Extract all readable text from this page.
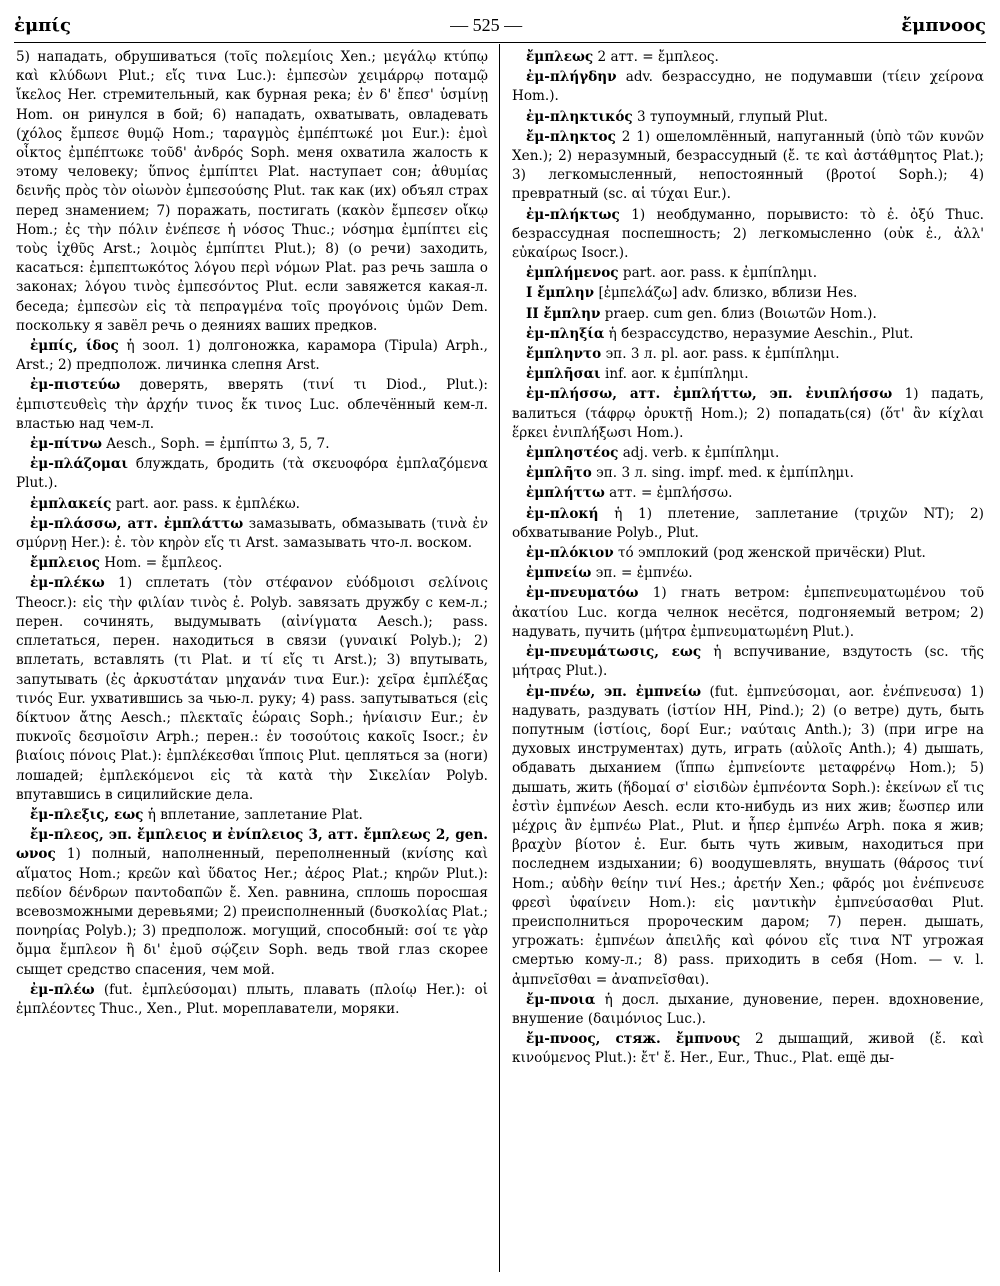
ἐμπίς	— 525 —	ἔμπνοος

5) нападать, обрушиваться (τοῖς πολεμίοις Xen.; μεγάλῳ κτύπῳ καὶ κλύδωνι Plut.; εἴς τινα Luc.): ἐμπεσὼν χειμάρρῳ ποταμῷ ἴκελος Her. стремительный, как бурная река; ἐν δ' ἔπεσ' ὑσμίνῃ Hom. он ринулся в бой; 6) нападать, охватывать, овладевать (χόλος ἔμπεσε θυμῷ Hom.; ταραγμὸς ἐμπέπτωκέ μοι Eur.): ἐμοὶ οἶκτος ἐμπέπτωκε τοῦδ' ἀνδρός Soph. меня охватила жалость к этому человеку; ὕπνος ἐμπίπτει Plat. наступает сон; ἀθυμίας δεινῆς πρὸς τὸν οἰωνὸν ἐμπεσούσης Plut. так как (их) объял страх перед знамением; 7) поражать, постигать (κακὸν ἔμπεσεν οἴκῳ Hom.; ἐς τὴν πόλιν ἐνέπεσε ἡ νόσος Thuc.; νόσημα ἐμπίπτει εἰς τοὺς ἰχθῦς Arst.; λοιμὸς ἐμπίπτει Plut.); 8) (о речи) заходить, касаться: ἐμπεπτωκότος λόγου περὶ νόμων Plat. раз речь зашла о законах; λόγου τινὸς ἐμπεσόντος Plut. если завяжется какая-л. беседа; ἐμπεσὼν εἰς τὰ πεπραγμένα τοῖς προγόνοις ὑμῶν Dem. поскольку я завёл речь о деяниях ваших предков.

ἐμπίς, ίδος ἡ зоол. 1) долгоножка, карамора (Tipula) Arph., Arst.; 2) предполож. личинка слепня Arst.

ἐμ-πιστεύω доверять, вверять (τινί τι Diod., Plut.): ἐμπιστευθεὶς τὴν ἀρχήν τινος ἔκ τινος Luc. облечённый кем-л. властью над чем-л.

ἐμ-πίτνω Aesch., Soph. = ἐμπίπτω 3, 5, 7.

ἐμ-πλάζομαι блуждать, бродить (τὰ σκευοφόρα ἐμπλαζόμενα Plut.).

ἐμπλακείς part. aor. pass. к ἐμπλέκω.

ἐμ-πλάσσω, атт. ἐμπλάττω замазывать, обмазывать (τινὰ ἐν σμύρνῃ Her.): ἐ. τὸν κηρὸν εἴς τι Arst. замазывать что-л. воском.

ἔμπλειος Hom. = ἔμπλεος.

ἐμ-πλέκω 1) сплетать (τὸν στέφανον εὐόδμοισι σελίνοις Theocr.): εἰς τὴν φιλίαν τινὸς ἐ. Polyb. завязать дружбу с кем-л.; перен. сочинять, выдумывать (αἰνίγματα Aesch.); pass. сплетаться, перен. находиться в связи (γυναικί Polyb.); 2) вплетать, вставлять (τι Plat. и τί εἴς τι Arst.); 3) впутывать, запутывать (ἐς ἀρκυστάταν μηχανάν τινα Eur.): χεῖρα ἐμπλέξας τινός Eur. ухватившись за чью-л. руку; 4) pass. запутываться (εἰς δίκτυον ἄτης Aesch.; πλεκταῖς ἑώραις Soph.; ἡνίαισιν Eur.; ἐν πυκνοῖς δεσμοῖσιν Arph.; перен.: ἐν τοσούτοις κακοῖς Isocr.; ἐν βιαίοις πόνοις Plat.): ἐμπλέκεσθαι ἵπποις Plut. цепляться за (ноги) лошадей; ἐμπλεκόμενοι εἰς τὰ κατὰ τὴν Σικελίαν Polyb. впутавшись в сицилийские дела.

ἔμ-πλεξις, εως ἡ вплетание, заплетание Plat.

ἔμ-πλεος, эп. ἔμπλειος и ἐνίπλειος 3, атт. ἔμπλεως 2, gen. ωνος 1) полный, наполненный, переполненный (κνίσης καὶ αἵματος Hom.; κρεῶν καὶ ὕδατος Her.; ἀέρος Plat.; κηρῶν Plut.): πεδίον δένδρων παντοδαπῶν ἔ. Xen. равнина, сплошь поросшая всевозможными деревьями; 2) преисполненный (δυσκολίας Plat.; πονηρίας Polyb.); 3) предполож. могущий, способный: σοί τε γὰρ ὄμμα ἔμπλεον ἢ δι' ἐμοῦ σῴζειν Soph. ведь твой глаз скорее сыщет средство спасения, чем мой.

ἐμ-πλέω (fut. ἐμπλεύσομαι) плыть, плавать (πλοίῳ Her.): οἱ ἐμπλέοντες Thuc., Xen., Plut. мореплаватели, моряки.

ἔμπλεως 2 атт. = ἔμπλεος.

ἐμ-πλήγδην adv. безрассудно, не подумавши (τίειν χείρονα Hom.).

ἐμ-πληκτικός 3 тупоумный, глупый Plut.

ἔμ-πληκτος 2 1) ошеломлённый, напуганный (ὑπὸ τῶν κυνῶν Xen.); 2) неразумный, безрассудный (ἔ. τε καὶ ἀστάθμητος Plat.); 3) легкомысленный, непостоянный (βροτοί Soph.); 4) превратный (sc. αἱ τύχαι Eur.).

ἐμ-πλήκτως 1) необдуманно, порывисто: τὸ ἐ. ὀξύ Thuc. безрассудная поспешность; 2) легкомысленно (οὐκ ἐ., ἀλλ' εὐκαίρως Isocr.).

ἐμπλήμενος part. aor. pass. к ἐμπίπλημι.

I ἔμπλην [ἐμπελάζω] adv. близко, вблизи Hes.

II ἔμπλην praep. cum gen. близ (Βοιωτῶν Hom.).

ἐμ-πληξία ἡ безрассудство, неразумие Aeschin., Plut.

ἔμπληντο эп. 3 л. pl. aor. pass. к ἐμπίπλημι.

ἐμπλῆσαι inf. aor. к ἐμπίπλημι.

ἐμ-πλήσσω, атт. ἐμπλήττω, эп. ἐνιπλήσσω 1) падать, валиться (τάφρῳ ὀρυκτῇ Hom.); 2) попадать(ся) (ὅτ' ἂν κίχλαι ἕρκει ἐνιπλήξωσι Hom.).

ἐμπληστέος adj. verb. к ἐμπίπλημι.

ἐμπλῆτο эп. 3 л. sing. impf. med. к ἐμπίπλημι.

ἐμπλήττω атт. = ἐμπλήσσω.

ἐμ-πλοκή ἡ 1) плетение, заплетание (τριχῶν NT); 2) обхватывание Polyb., Plut.

ἐμ-πλόκιον τό эмплокий (род женской причёски) Plut.

ἐμπνείω эп. = ἐμπνέω.

ἐμ-πνευματόω 1) гнать ветром: ἐμπεπνευματωμένου τοῦ ἀκατίου Luc. когда челнок несётся, подгоняемый ветром; 2) надувать, пучить (μήτρα ἐμπνευματωμένη Plut.).

ἐμ-πνευμάτωσις, εως ἡ вспучивание, вздутость (sc. τῆς μήτρας Plut.).

ἐμ-πνέω, эп. ἐμπνείω (fut. ἐμπνεύσομαι, aor. ἐνέπνευσα) 1) надувать, раздувать (ἱστίον HH, Pind.); 2) (о ветре) дуть, быть попутным (ἱστίοις, δορί Eur.; ναύταις Anth.); 3) (при игре на духовых инструментах) дуть, играть (αὐλοῖς Anth.); 4) дышать, обдавать дыханием (ἵππω ἐμπνείοντε μεταφρένῳ Hom.); 5) дышать, жить (ἥδομαί σ' εἰσιδὼν ἐμπνέοντα Soph.): ἐκείνων εἴ τις ἐστὶν ἐμπνέων Aesch. если кто-нибудь из них жив; ἕωσπερ или μέχρις ἂν ἐμπνέω Plat., Plut. и ἧπερ ἐμπνέω Arph. пока я жив; βραχὺν βίοτον ἐ. Eur. быть чуть живым, находиться при последнем издыхании; 6) воодушевлять, внушать (θάρσος τινί Hom.; αὐδὴν θείην τινί Hes.; ἀρετήν Xen.; φᾶρός μοι ἐνέπνευσε φρεσὶ ὑφαίνειν Hom.): εἰς μαντικὴν ἐμπνεύσασθαι Plut. преисполниться пророческим даром; 7) перен. дышать, угрожать: ἐμπνέων ἀπειλῆς καὶ φόνου εἴς τινα NT угрожая смертью кому-л.; 8) pass. приходить в себя (Hom. — v. l. ἀμπνεῖσθαι = ἀναπνεῖσθαι).

ἔμ-πνοια ἡ досл. дыхание, дуновение, перен. вдохновение, внушение (δαιμόνιος Luc.).

ἔμ-πνοος, стяж. ἔμπνους 2 дышащий, живой (ἔ. καὶ κινούμενος Plut.): ἔτ' ἔ. Her., Eur., Thuc., Plat. ещё ды-
